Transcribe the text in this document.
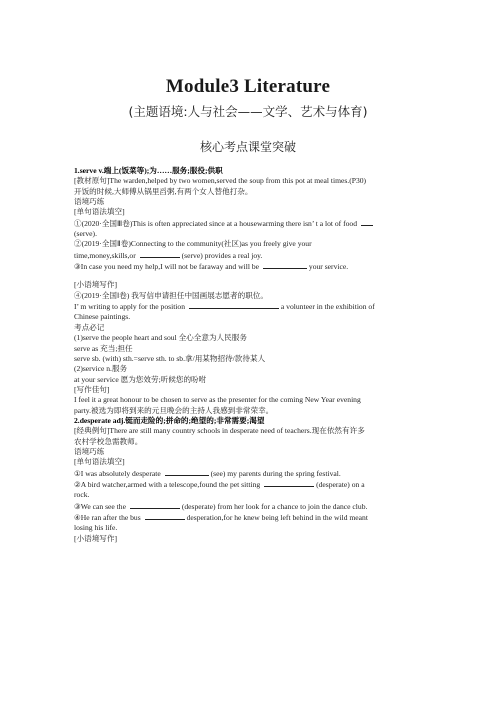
Module3 Literature
(主题语境:人与社会——文学、艺术与体育)
核心考点课堂突破
1.serve v.端上(饭菜等);为……服务;服役;供职
[教材原句]The warden,helped by two women,served the soup from this pot at meal times.(P30)
开饭的时候,大师傅从锅里舀粥,有两个女人替他打杂。
语境巧练
[单句语法填空]
①(2020·全国Ⅲ卷)This is often appreciated since at a housewarming there isn’ t a lot of food
(serve).
②(2019·全国Ⅱ卷)Connecting to the community(社区)as you freely give your
time,money,skills,or	(serve) provides a real joy.
③In case you need my help,I will not be faraway and will be	your service.
[小语境写作]
④(2019·全国Ⅰ卷) 我写信申请担任中国画展志愿者的职位。
I’ m writing to apply for the position	a volunteer in the exhibition of
Chinese paintings.
考点必记
(1)serve the people heart and soul 全心全意为人民服务
serve as 充当;担任
serve sb. (with) sth.=serve sth. to sb.拿/用某物招待/款待某人
(2)service n.服务
at your service 愿为您效劳;听候您的吩咐
[写作佳句]
I feel it a great honour to be chosen to serve as the presenter for the coming New Year evening
party.被选为即将到来的元旦晚会的主持人我感到非常荣幸。
2.desperate adj.铤而走险的;拼命的;绝望的;非常需要;渴望
[经典例句]There are still many country schools in desperate need of teachers.现在依然有许多
农村学校急需教师。
语境巧练
[单句语法填空]
①I was absolutely desperate	(see) my parents during the spring festival.
②A bird watcher,armed with a telescope,found the pet sitting	(desperate) on a
rock.
③We can see the	(desperate) from her look for a chance to join the dance club.
④He ran after the bus	desperation,for he knew being left behind in the wild meant
losing his life.
[小语境写作]
